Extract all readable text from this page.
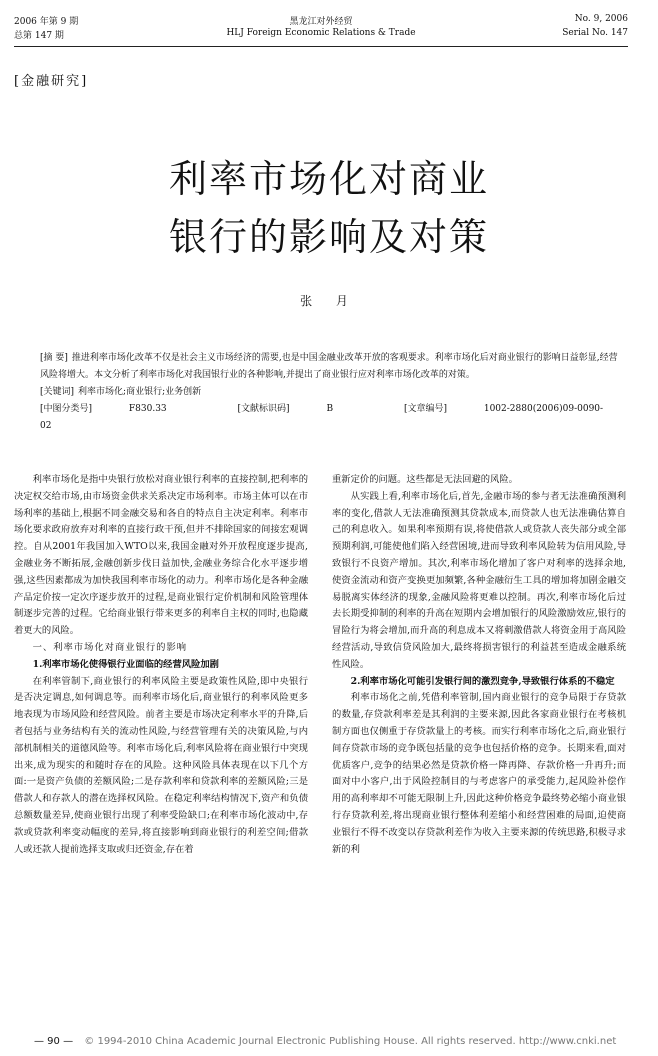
2006 年第 9 期	黑龙江对外经贸	No. 9, 2006
总第 147 期	HLJ Foreign Economic Relations & Trade	Serial No. 147
[金融研究]
利率市场化对商业
银行的影响及对策
张 月
[摘 要] 推进利率市场化改革不仅是社会主义市场经济的需要,也是中国金融业改革开放的客观要求。利率市场化后对商业银行的影响日益彰显,经营风险将增大。本文分析了利率市场化对我国银行业的各种影响,并提出了商业银行应对利率市场化改革的对策。
[关键词] 利率市场化;商业银行;业务创新
[中图分类号]	F830.33	[文献标识码]	B	[文章编号]	1002-2880(2006)09-0090-02

利率市场化是指中央银行放松对商业银行利率的直接控制,把利率的决定权交给市场,由市场资金供求关系决定市场利率。市场主体可以在市场利率的基础上,根据不同金融交易和各自的特点自主决定利率。利率市场化要求政府放弃对利率的直接行政干预,但并不排除国家的间接宏观调控。自从2001年我国加入WTO以来,我国金融对外开放程度逐步提高,金融业务不断拓展,金融创新步伐日益加快,金融业务综合化水平逐步增强,这些因素都成为加快我国利率市场化的动力。利率市场化是各种金融产品定价按一定次序逐步放开的过程,是商业银行定价机制和风险管理体制逐步完善的过程。它给商业银行带来更多的利率自主权的同时,也隐藏着更大的风险。

一、利率市场化对商业银行的影响
1.利率市场化使得银行业面临的经营风险加剧

在利率管制下,商业银行的利率风险主要是政策性风险,即中央银行是否决定调息,如何调息等。而利率市场化后,商业银行的利率风险更多地表现为市场风险和经营风险。前者主要是市场决定利率水平的升降,后者包括与业务结构有关的流动性风险,与经营管理有关的决策风险,与内部机制相关的道德风险等。利率市场化后,利率风险将在商业银行中突现出来,成为现实的和随时存在的风险。这种风险具体表现在以下几个方面:一是资产负债的差额风险;二是存款利率和贷款利率的差额风险;三是借款人和存款人的潜在选择权风险。在稳定利率结构情况下,资产和负债总额数量差异,使商业银行出现了利率受险缺口;在利率市场化波动中,存款或贷款利率变动幅度的差异,将直接影响到商业银行的利差空间;借款人或还款人提前选择支取或归还资金,存在着

重新定价的问题。这些都是无法回避的风险。

从实践上看,利率市场化后,首先,金融市场的参与者无法准确预测利率的变化,借款人无法准确预测其贷款成本,而贷款人也无法准确估算自己的利息收入。如果利率预期有误,将使借款人或贷款人丧失部分或全部预期利润,可能使他们陷入经营困境,进而导致利率风险转为信用风险,导致银行不良资产增加。其次,利率市场化增加了客户对利率的选择余地,使资金流动和资产变换更加频繁,各种金融衍生工具的增加将加剧金融交易脱离实体经济的现象,金融风险将更难以控制。再次,利率市场化后过去长期受抑制的利率的升高在短期内会增加银行的风险激励效应,银行的冒险行为将会增加,而升高的利息成本又将刺激借款人将资金用于高风险经营活动,导致信贷风险加大,最终将损害银行的利益甚至造成金融系统性风险。

2.利率市场化可能引发银行间的激烈竞争,导致银行体系的不稳定

利率市场化之前,凭借利率管制,国内商业银行的竞争局限于存贷款的数量,存贷款利率差是其利润的主要来源,因此各家商业银行在考核机制方面也仅侧重于存贷款量上的考核。而实行利率市场化之后,商业银行间存贷款市场的竞争既包括量的竞争也包括价格的竞争。长期来看,面对优质客户,竞争的结果必然是贷款价格一降再降、存款价格一升再升;而面对中小客户,出于风险控制目的与考虑客户的承受能力,起风险补偿作用的高利率却不可能无限制上升,因此这种价格竞争最终势必缩小商业银行存贷款利差,将出现商业银行整体利差缩小和经营困难的局面,迫使商业银行不得不改变以存贷款利差作为收入主要来源的传统思路,积极寻求新的利

— 90 — © 1994-2010 China Academic Journal Electronic Publishing House. All rights reserved. http://www.cnki.net
